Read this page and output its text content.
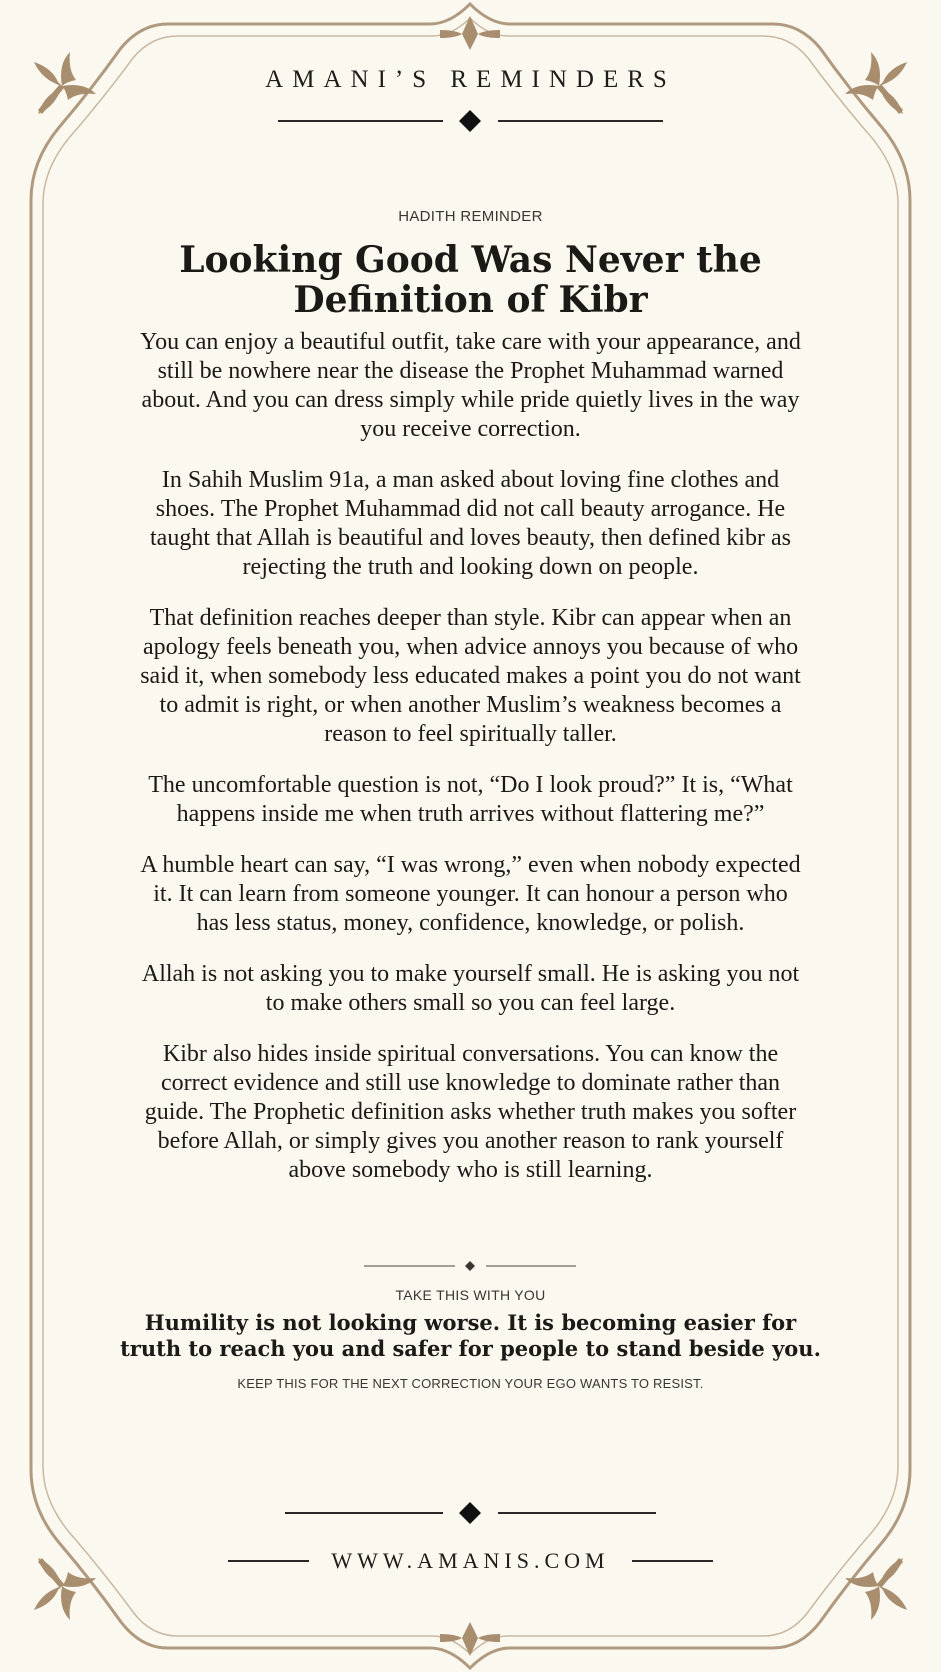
AMANI’S REMINDERS
HADITH REMINDER
Looking Good Was Never the
Definition of Kibr

You can enjoy a beautiful outfit, take care with your appearance, and still be nowhere near the disease the Prophet Muhammad warned about. And you can dress simply while pride quietly lives in the way you receive correction.

In Sahih Muslim 91a, a man asked about loving fine clothes and shoes. The Prophet Muhammad did not call beauty arrogance. He taught that Allah is beautiful and loves beauty, then defined kibr as rejecting the truth and looking down on people.

That definition reaches deeper than style. Kibr can appear when an apology feels beneath you, when advice annoys you because of who said it, when somebody less educated makes a point you do not want to admit is right, or when another Muslim’s weakness becomes a reason to feel spiritually taller.

The uncomfortable question is not, “Do I look proud?” It is, “What happens inside me when truth arrives without flattering me?”

A humble heart can say, “I was wrong,” even when nobody expected it. It can learn from someone younger. It can honour a person who has less status, money, confidence, knowledge, or polish.

Allah is not asking you to make yourself small. He is asking you not to make others small so you can feel large.

Kibr also hides inside spiritual conversations. You can know the correct evidence and still use knowledge to dominate rather than guide. The Prophetic definition asks whether truth makes you softer before Allah, or simply gives you another reason to rank yourself above somebody who is still learning.

TAKE THIS WITH YOU
Humility is not looking worse. It is becoming easier for
truth to reach you and safer for people to stand beside you.
KEEP THIS FOR THE NEXT CORRECTION YOUR EGO WANTS TO RESIST.
WWW.AMANIS.COM
